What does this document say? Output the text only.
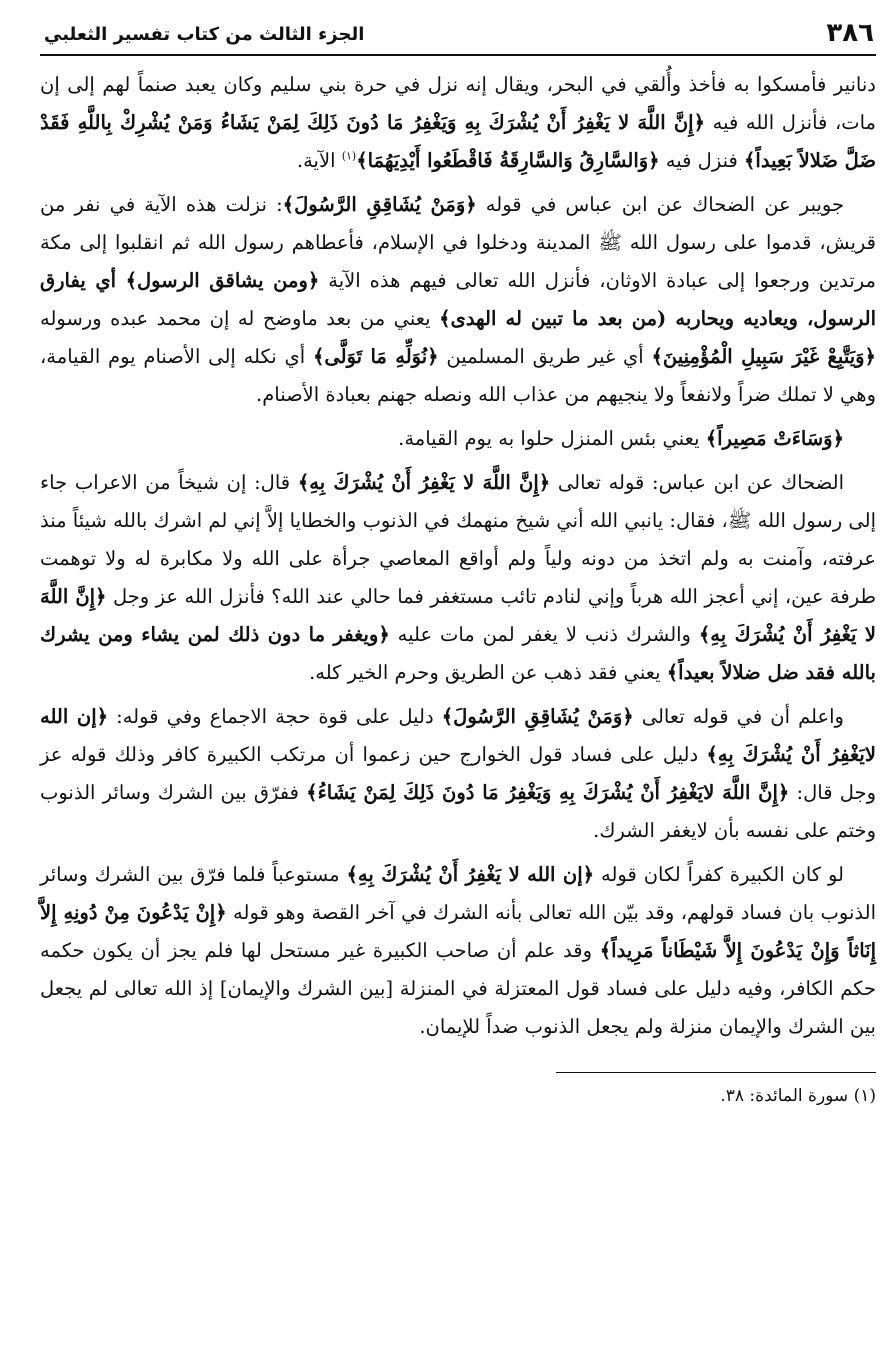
٣٨٦
الجزء الثالث من كتاب تفسير الثعلبي

دنانير فأمسكوا به فأخذ وأُلقي في البحر، ويقال إنه نزل في حرة بني سليم وكان يعبد صنماً لهم إلى إن مات، فأنزل الله فيه ﴿إِنَّ اللَّهَ لا يَغْفِرُ أَنْ يُشْرَكَ بِهِ وَيَغْفِرُ مَا دُونَ ذَلِكَ لِمَنْ يَشَاءُ وَمَنْ يُشْرِكْ بِاللَّهِ فَقَدْ ضَلَّ ضَلالاً بَعِيداً﴾ فنزل فيه ﴿وَالسَّارِقُ وَالسَّارِقَةُ فَاقْطَعُوا أَيْدِيَهُمَا﴾$^{(١)}$ الآية.

جويبر عن الضحاك عن ابن عباس في قوله ﴿وَمَنْ يُشَاقِقِ الرَّسُولَ﴾: نزلت هذه الآية في نفر من قريش، قدموا على رسول الله ﷺ المدينة ودخلوا في الإسلام، فأعطاهم رسول الله ثم انقلبوا إلى مكة مرتدين ورجعوا إلى عبادة الاوثان، فأنزل الله تعالى فيهم هذه الآية ﴿ومن يشاقق الرسول﴾ أي يفارق الرسول، ويعاديه ويحاربه (من بعد ما تبين له الهدى﴾ يعني من بعد ماوضح له إن محمد عبده ورسوله ﴿وَيَتَّبِعْ غَيْرَ سَبِيلِ الْمُؤْمِنِينَ﴾ أي غير طريق المسلمين ﴿نُوَلِّهِ مَا تَوَلَّى﴾ أي نكله إلى الأصنام يوم القيامة، وهي لا تملك ضراً ولانفعاً ولا ينجيهم من عذاب الله ونصله جهنم بعبادة الأصنام.

﴿وَسَاءَتْ مَصِيراً﴾ يعني بئس المنزل حلوا به يوم القيامة.

الضحاك عن ابن عباس: قوله تعالى ﴿إِنَّ اللَّهَ لا يَغْفِرُ أَنْ يُشْرَكَ بِهِ﴾ قال: إن شيخاً من الاعراب جاء إلى رسول الله ﷺ، فقال: يانبي الله أني شيخ منهمك في الذنوب والخطايا إلاَّ إني لم اشرك بالله شيئاً منذ عرفته، وآمنت به ولم اتخذ من دونه ولياً ولم أواقع المعاصي جرأة على الله ولا مكابرة له ولا توهمت طرفة عين، إني أعجز الله هرباً وإني لنادم تائب مستغفر فما حالي عند الله؟ فأنزل الله عز وجل ﴿إِنَّ اللَّهَ لا يَغْفِرُ أَنْ يُشْرَكَ بِهِ﴾ والشرك ذنب لا يغفر لمن مات عليه ﴿ويغفر ما دون ذلك لمن يشاء ومن يشرك بالله فقد ضل ضلالاً بعيداً﴾ يعني فقد ذهب عن الطريق وحرم الخير كله.

واعلم أن في قوله تعالى ﴿وَمَنْ يُشَاقِقِ الرَّسُولَ﴾ دليل على قوة حجة الاجماع وفي قوله: ﴿إن الله لايَغْفِرُ أَنْ يُشْرَكَ بِهِ﴾ دليل على فساد قول الخوارج حين زعموا أن مرتكب الكبيرة كافر وذلك قوله عز وجل قال: ﴿إِنَّ اللَّهَ لايَغْفِرُ أَنْ يُشْرَكَ بِهِ وَيَغْفِرُ مَا دُونَ ذَلِكَ لِمَنْ يَشَاءُ﴾ ففرّق بين الشرك وسائر الذنوب وختم على نفسه بأن لايغفر الشرك.

لو كان الكبيرة كفراً لكان قوله ﴿إن الله لا يَغْفِرُ أَنْ يُشْرَكَ بِهِ﴾ مستوعباً فلما فرّق بين الشرك وسائر الذنوب بان فساد قولهم، وقد بيّن الله تعالى بأنه الشرك في آخر القصة وهو قوله ﴿إِنْ يَدْعُونَ مِنْ دُونِهِ إِلاَّ إِنَاثاً وَإِنْ يَدْعُونَ إِلاَّ شَيْطَاناً مَرِيداً﴾ وقد علم أن صاحب الكبيرة غير مستحل لها فلم يجز أن يكون حكمه حكم الكافر، وفيه دليل على فساد قول المعتزلة في المنزلة [بين الشرك والإيمان] إذ الله تعالى لم يجعل بين الشرك والإيمان منزلة ولم يجعل الذنوب ضداً للإيمان.

(١) سورة المائدة: ٣٨.
